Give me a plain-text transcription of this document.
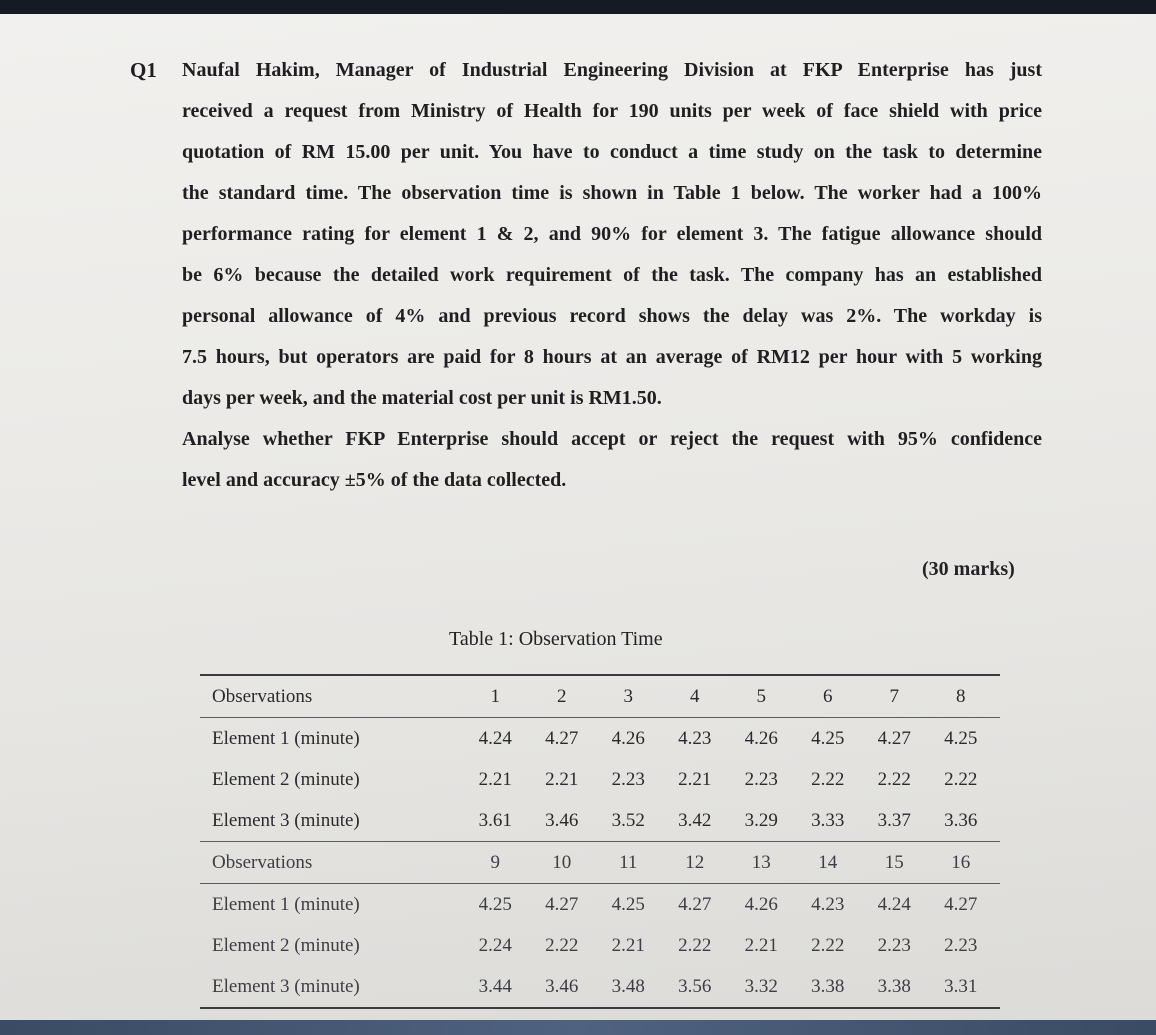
Q1 Naufal Hakim, Manager of Industrial Engineering Division at FKP Enterprise has just
received a request from Ministry of Health for 190 units per week of face shield with price
quotation of RM 15.00 per unit. You have to conduct a time study on the task to determine
the standard time. The observation time is shown in Table 1 below. The worker had a 100%
performance rating for element 1 & 2, and 90% for element 3. The fatigue allowance should
be 6% because the detailed work requirement of the task. The company has an established
personal allowance of 4% and previous record shows the delay was 2%. The workday is
7.5 hours, but operators are paid for 8 hours at an average of RM12 per hour with 5 working
days per week, and the material cost per unit is RM1.50.
Analyse whether FKP Enterprise should accept or reject the request with 95% confidence
level and accuracy ±5% of the data collected.
(30 marks)
Table 1: Observation Time
Observations	1	2	3	4	5	6	7	8
Element 1 (minute)	4.24	4.27	4.26	4.23	4.26	4.25	4.27	4.25
Element 2 (minute)	2.21	2.21	2.23	2.21	2.23	2.22	2.22	2.22
Element 3 (minute)	3.61	3.46	3.52	3.42	3.29	3.33	3.37	3.36
Observations	9	10	11	12	13	14	15	16
Element 1 (minute)	4.25	4.27	4.25	4.27	4.26	4.23	4.24	4.27
Element 2 (minute)	2.24	2.22	2.21	2.22	2.21	2.22	2.23	2.23
Element 3 (minute)	3.44	3.46	3.48	3.56	3.32	3.38	3.38	3.31
